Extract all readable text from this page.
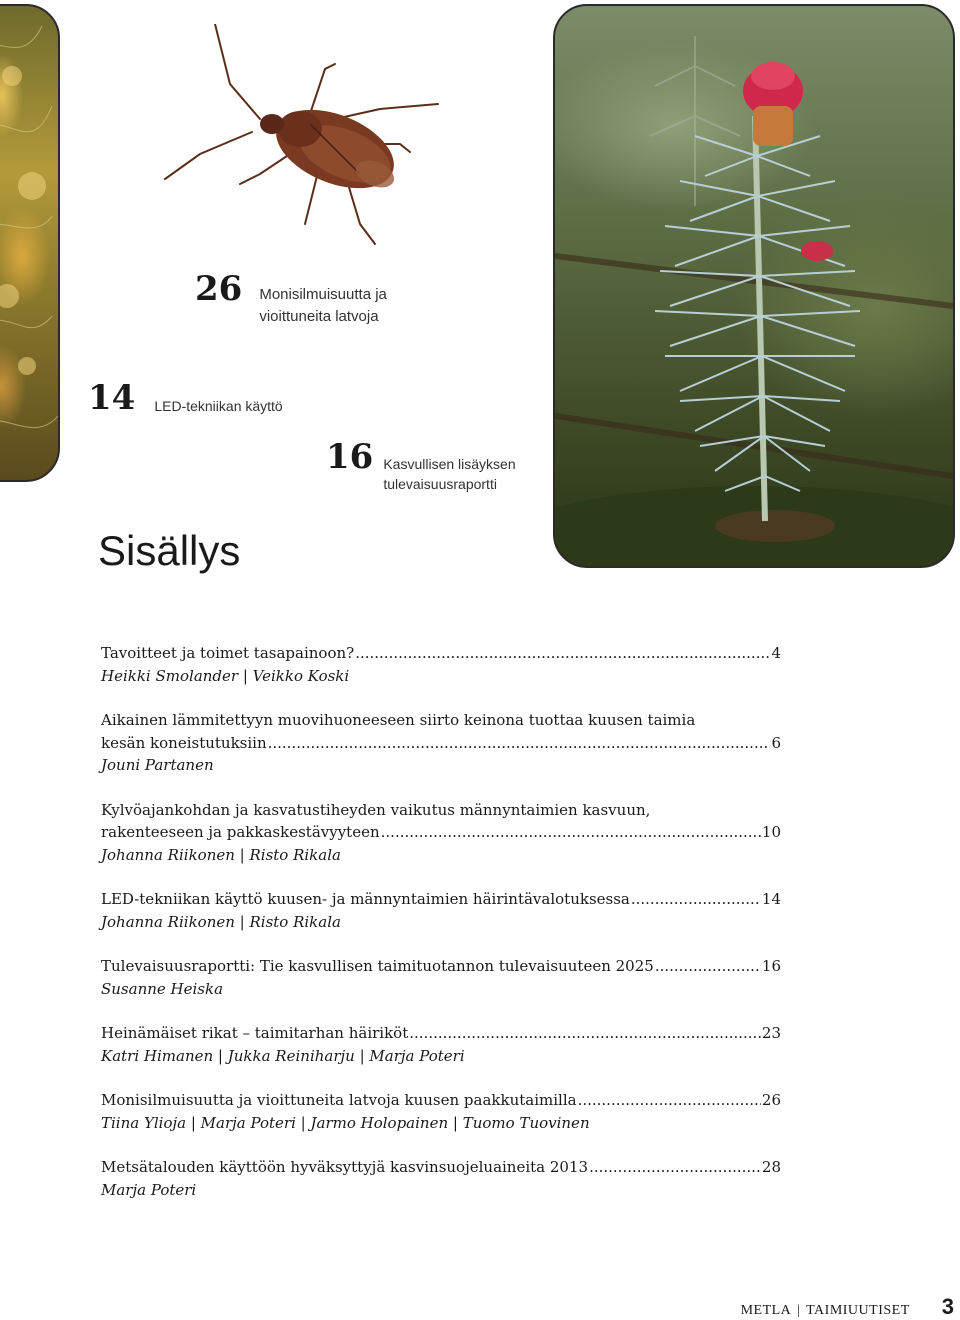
26 Monisilmuisuutta ja
vioittuneita latvoja
14 LED-tekniikan käyttö
16 Kasvullisen lisäyksen
tulevaisuusraportti
Sisällys
Tavoitteet ja toimet tasapainoon? .....	4
Heikki Smolander | Veikko Koski
Aikainen lämmitettyyn muovihuoneeseen siirto keinona tuottaa kuusen taimia
kesän koneistutuksiin .....	6
Jouni Partanen
Kylvöajankohdan ja kasvatustiheyden vaikutus männyntaimien kasvuun,
rakenteeseen ja pakkaskestävyyteen .....	10
Johanna Riikonen | Risto Rikala
LED-tekniikan käyttö kuusen- ja männyntaimien häirintävalotuksessa .....	14
Johanna Riikonen | Risto Rikala
Tulevaisuusraportti: Tie kasvullisen taimituotannon tulevaisuuteen 2025 .....	16
Susanne Heiska
Heinämäiset rikat – taimitarhan häiriköt .....	23
Katri Himanen | Jukka Reiniharju | Marja Poteri
Monisilmuisuutta ja vioittuneita latvoja kuusen paakkutaimilla .....	26
Tiina Ylioja | Marja Poteri | Jarmo Holopainen | Tuomo Tuovinen
Metsätalouden käyttöön hyväksyttyjä kasvinsuojeluaineita 2013 .....	28
Marja Poteri
METLA | TAIMIUUTISET 3
